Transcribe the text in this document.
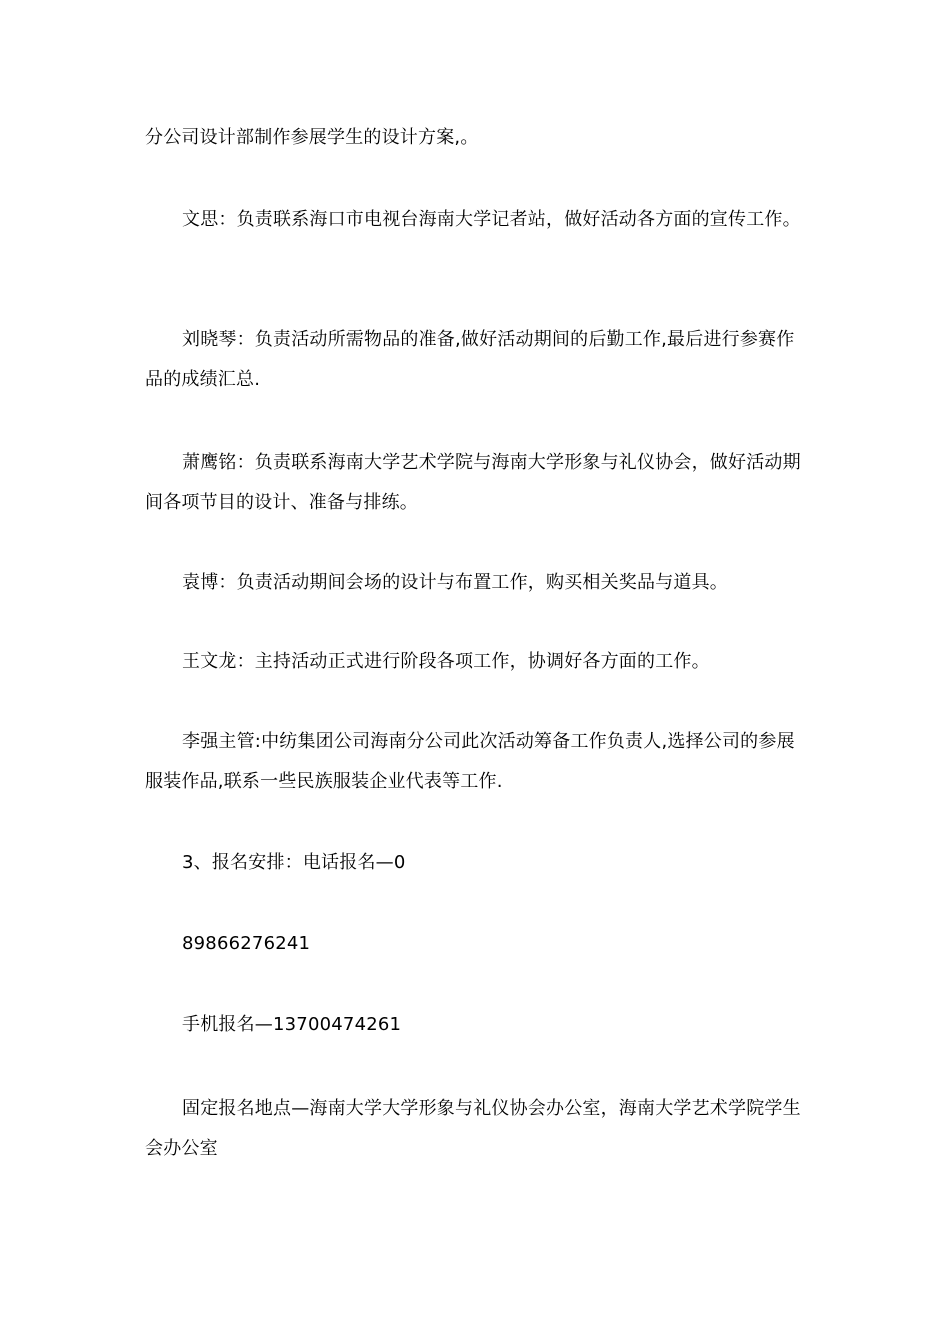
分公司设计部制作参展学生的设计方案,。

文思：负责联系海口市电视台海南大学记者站，做好活动各方面的宣传工作。

刘晓琴：负责活动所需物品的准备,做好活动期间的后勤工作,最后进行参赛作品的成绩汇总.

萧鹰铭：负责联系海南大学艺术学院与海南大学形象与礼仪协会，做好活动期间各项节目的设计、准备与排练。

袁博：负责活动期间会场的设计与布置工作，购买相关奖品与道具。

王文龙：主持活动正式进行阶段各项工作，协调好各方面的工作。

李强主管:中纺集团公司海南分公司此次活动筹备工作负责人,选择公司的参展服装作品,联系一些民族服装企业代表等工作.

3、报名安排：电话报名—0

89866276241

手机报名—13700474261

固定报名地点—海南大学大学形象与礼仪协会办公室，海南大学艺术学院学生会办公室
